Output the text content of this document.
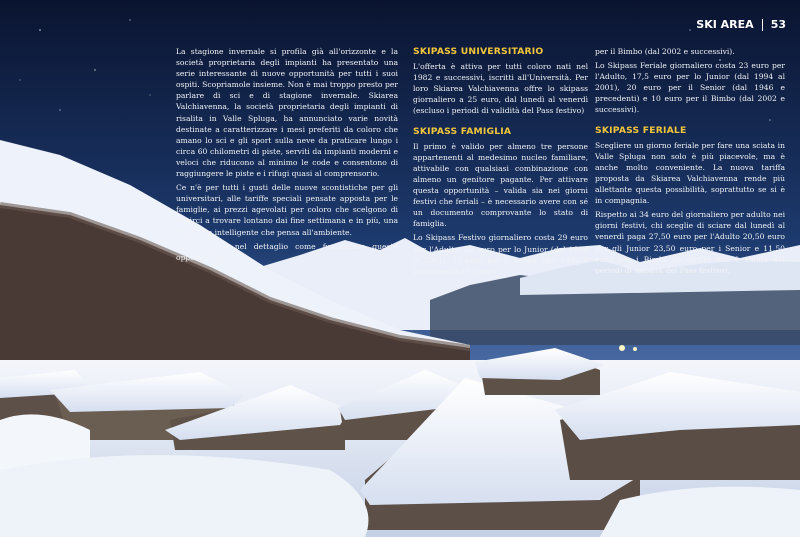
SKI AREA 53

La stagione invernale si profila già all'orizzonte e la società proprietaria degli impianti ha presentato una serie interessante di nuove opportunità per tutti i suoi ospiti. Scopriamole insieme. Non è mai troppo presto per parlare di sci e di stagione invernale. Skiarea Valchiavenna, la società proprietaria degli impianti di risalita in Valle Spluga, ha annunciato varie novità destinate a caratterizzare i mesi preferiti da coloro che amano lo sci e gli sport sulla neve da praticare lungo i circa 60 chilometri di piste, serviti da impianti moderni e veloci che riducono al minimo le code e consentono di raggiungere le piste e i rifugi quasi al comprensorio.

Ce n'è per tutti i gusti delle nuove scontistiche per gli universitari, alle tariffe speciali pensate apposta per le famiglie, ai prezzi agevolati per coloro che scelgono di venirci a trovare lontano dai fine settimana e in più, una riduzione intelligente che pensa all'ambiente.

Ma vediamo nel dettaglio come funzionano queste opportunità.

SKIPASS UNIVERSITARIO

L'offerta è attiva per tutti coloro nati nel 1982 e successivi, iscritti all'Università. Per loro Skiarea Valchiavenna offre lo skipass giornaliero a 25 euro, dal lunedì al venerdì (escluso i periodi di validità del Pass festivo)

SKIPASS FAMIGLIA

Il primo è valido per almeno tre persone appartenenti al medesimo nucleo familiare, attivabile con qualsiasi combinazione con almeno un genitore pagante. Per attivare questa opportunità – valida sia nei giorni festivi che feriali – è necessario avere con sé un documento comprovante lo stato di famiglia.

Lo Skipass Festivo giornaliero costa 29 euro per l'Adulto, 22 euro per lo Junior (dal 1994 al 2001), 25 euro per il Senior (dal 1946 e precedenti) e 12 euro

per il Bimbo (dal 2002 e successivi).

Lo Skipass Feriale giornaliero costa 23 euro per l'Adulto, 17,5 euro per lo Junior (dal 1994 al 2001), 20 euro per il Senior (dal 1946 e precedenti) e 10 euro per il Bimbo (dal 2002 e successivi).

SKIPASS FERIALE

Scegliere un giorno feriale per fare una sciata in Valle Spluga non solo è più piacevole, ma è anche molto conveniente. La nuova tariffa proposta da Skiarea Valchiavenna rende più allettante questa possibilità, soprattutto se si è in compagnia.

Rispetto ai 34 euro del giornaliero per adulto nei giorni festivi, chi sceglie di sciare dal lunedì al venerdì paga 27,50 euro per l'Adulto 20,50 euro per gli Junior 23,50 euro per i Senior e 11,50 euro per i Bimbi (la tariffa non è valida nei periodi di validità del Pass festivo).
